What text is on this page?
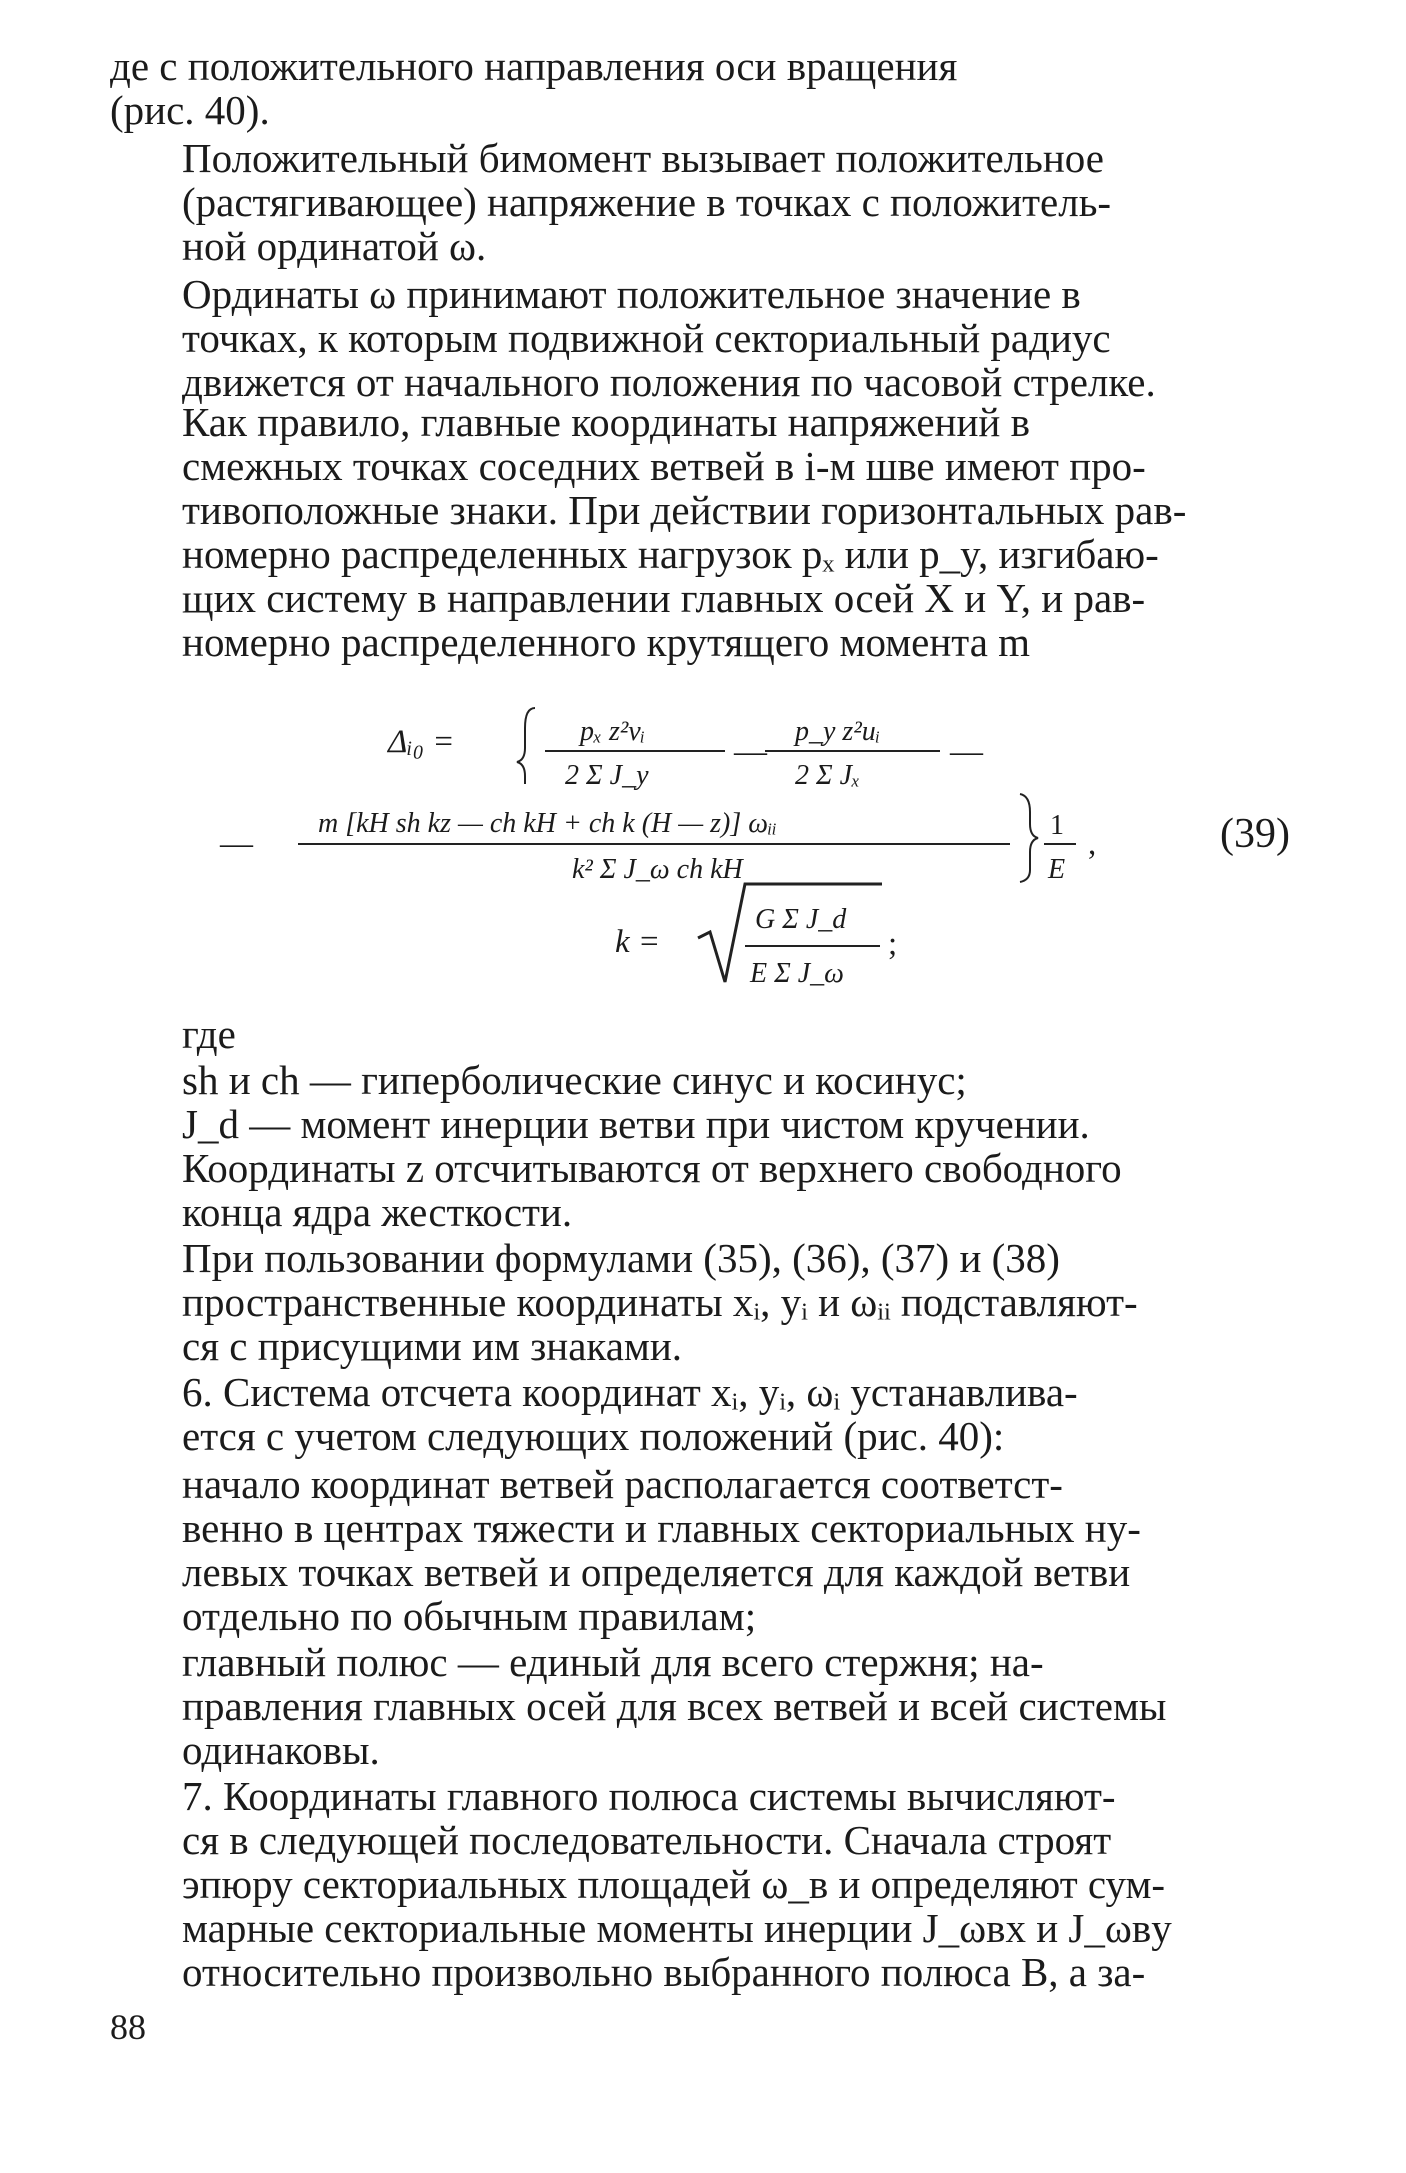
де с положительного направления оси вращения
(рис. 40).

Положительный бимомент вызывает положительное
(растягивающее) напряжение в точках с положитель-
ной ординатой ω.

Ординаты ω принимают положительное значение в
точках, к которым подвижной секториальный радиус
движется от начального положения по часовой стрелке.

Как правило, главные координаты напряжений в
смежных точках соседних ветвей в i-м шве имеют про-
тивоположные знаки. При действии горизонтальных рав-
номерно распределенных нагрузок pₓ или p_y, изгибаю-
щих систему в направлении главных осей X и Y, и рав-
номерно распределенного крутящего момента m

Δᵢ₀ =	pₓ z²vᵢ
2 Σ J_y
—
p_y z²uᵢ
2 Σ Jₓ
—
—
m [kH sh kz — ch kH + ch k (H — z)] ωᵢᵢ
k² Σ J_ω ch kH
1
E
,	(39)
k =
G Σ J_d
E Σ J_ω
;

где

sh и ch — гиперболические синус и косинус;
J_d — момент инерции ветви при чистом кручении.

Координаты z отсчитываются от верхнего свободного
конца ядра жесткости.

При пользовании формулами (35), (36), (37) и (38)
пространственные координаты xᵢ, yᵢ и ωᵢᵢ подставляют-
ся с присущими им знаками.

6. Система отсчета координат xᵢ, yᵢ, ωᵢ устанавлива-
ется с учетом следующих положений (рис. 40):

начало координат ветвей располагается соответст-
венно в центрах тяжести и главных секториальных ну-
левых точках ветвей и определяется для каждой ветви
отдельно по обычным правилам;

главный полюс — единый для всего стержня; на-
правления главных осей для всех ветвей и всей системы
одинаковы.

7. Координаты главного полюса системы вычисляют-
ся в следующей последовательности. Сначала строят
эпюру секториальных площадей ω_в и определяют сум-
марные секториальные моменты инерции J_ωвx и J_ωвy
относительно произвольно выбранного полюса B, а за-

88
